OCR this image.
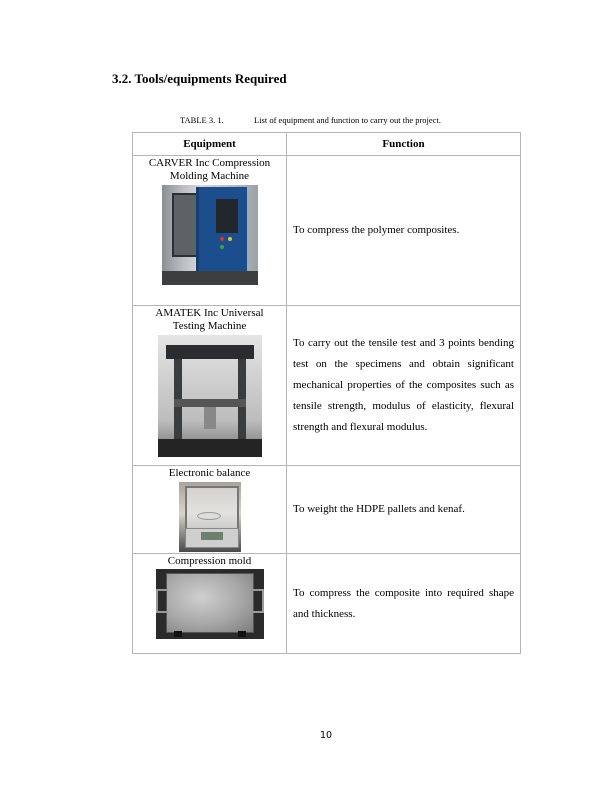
3.2. Tools/equipments Required
TABLE 3. 1.	List of equipment and function to carry out the project.
Equipment	Function

CARVER Inc Compression Molding Machine	To compress the polymer composites.

AMATEK Inc Universal Testing Machine	To carry out the tensile test and 3 points bending test on the specimens and obtain significant mechanical properties of the composites such as tensile strength, modulus of elasticity, flexural strength and flexural modulus.

Electronic balance	To weight the HDPE pallets and kenaf.

Compression mold	To compress the composite into required shape and thickness.
10
